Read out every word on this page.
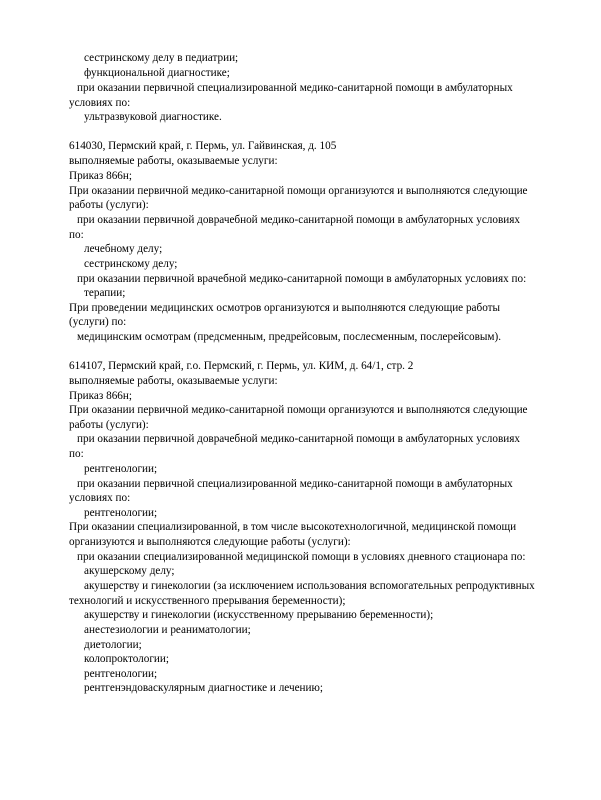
сестринскому делу в педиатрии;
функциональной диагностике;
при оказании первичной специализированной медико-санитарной помощи в амбулаторных
условиях по:
ультразвуковой диагностике.
614030, Пермский край, г. Пермь, ул. Гайвинская, д. 105
выполняемые работы, оказываемые услуги:
Приказ 866н;
При оказании первичной медико-санитарной помощи организуются и выполняются следующие
работы (услуги):
при оказании первичной доврачебной медико-санитарной помощи в амбулаторных условиях
по:
лечебному делу;
сестринскому делу;
при оказании первичной врачебной медико-санитарной помощи в амбулаторных условиях по:
терапии;
При проведении медицинских осмотров организуются и выполняются следующие работы
(услуги) по:
медицинским осмотрам (предсменным, предрейсовым, послесменным, послерейсовым).
614107, Пермский край, г.о. Пермский, г. Пермь, ул. КИМ, д. 64/1, стр. 2
выполняемые работы, оказываемые услуги:
Приказ 866н;
При оказании первичной медико-санитарной помощи организуются и выполняются следующие
работы (услуги):
при оказании первичной доврачебной медико-санитарной помощи в амбулаторных условиях
по:
рентгенологии;
при оказании первичной специализированной медико-санитарной помощи в амбулаторных
условиях по:
рентгенологии;
При оказании специализированной, в том числе высокотехнологичной, медицинской помощи
организуются и выполняются следующие работы (услуги):
при оказании специализированной медицинской помощи в условиях дневного стационара по:
акушерскому делу;
акушерству и гинекологии (за исключением использования вспомогательных репродуктивных
технологий и искусственного прерывания беременности);
акушерству и гинекологии (искусственному прерыванию беременности);
анестезиологии и реаниматологии;
диетологии;
колопроктологии;
рентгенологии;
рентгенэндоваскулярным диагностике и лечению;
